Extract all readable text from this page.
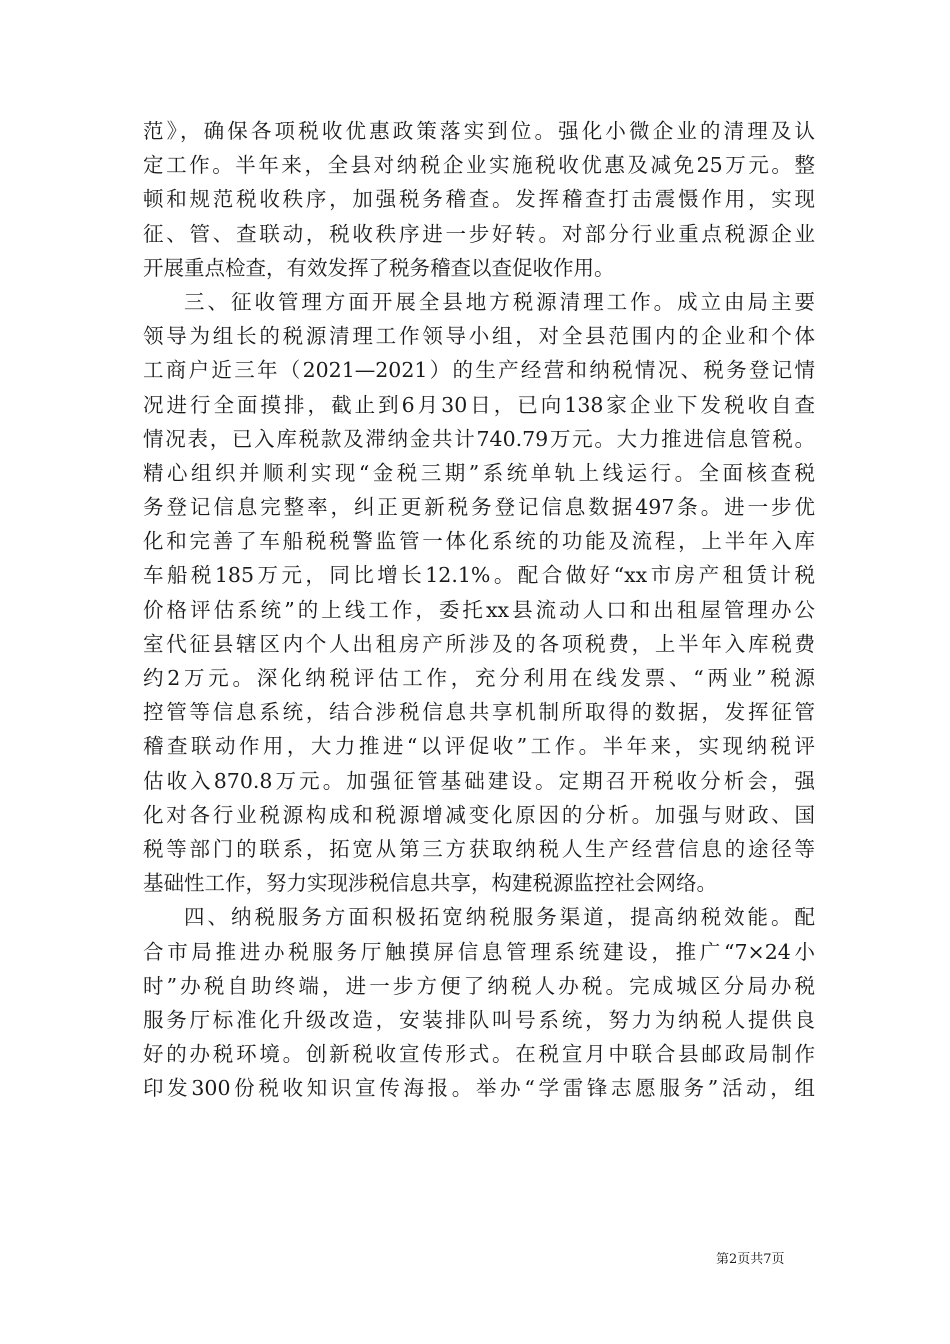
范》，确保各项税收优惠政策落实到位。强化小微企业的清理及认
定工作。半年来，全县对纳税企业实施税收优惠及减免25万元。整
顿和规范税收秩序，加强税务稽查。发挥稽查打击震慑作用，实现
征、管、查联动，税收秩序进一步好转。对部分行业重点税源企业
开展重点检查，有效发挥了税务稽查以查促收作用。
三、征收管理方面开展全县地方税源清理工作。成立由局主要
领导为组长的税源清理工作领导小组，对全县范围内的企业和个体
工商户近三年（2021—2021）的生产经营和纳税情况、税务登记情
况进行全面摸排，截止到6月30日，已向138家企业下发税收自查
情况表，已入库税款及滞纳金共计740.79万元。大力推进信息管税。
精心组织并顺利实现“金税三期”系统单轨上线运行。全面核查税
务登记信息完整率，纠正更新税务登记信息数据497条。进一步优
化和完善了车船税税警监管一体化系统的功能及流程，上半年入库
车船税185万元，同比增长12.1%。配合做好“xx市房产租赁计税
价格评估系统”的上线工作，委托xx县流动人口和出租屋管理办公
室代征县辖区内个人出租房产所涉及的各项税费，上半年入库税费
约2万元。深化纳税评估工作，充分利用在线发票、“两业”税源
控管等信息系统，结合涉税信息共享机制所取得的数据，发挥征管
稽查联动作用，大力推进“以评促收”工作。半年来，实现纳税评
估收入870.8万元。加强征管基础建设。定期召开税收分析会，强
化对各行业税源构成和税源增减变化原因的分析。加强与财政、国
税等部门的联系，拓宽从第三方获取纳税人生产经营信息的途径等
基础性工作，努力实现涉税信息共享，构建税源监控社会网络。
四、纳税服务方面积极拓宽纳税服务渠道，提高纳税效能。配
合市局推进办税服务厅触摸屏信息管理系统建设，推广“7×24小
时”办税自助终端，进一步方便了纳税人办税。完成城区分局办税
服务厅标准化升级改造，安装排队叫号系统，努力为纳税人提供良
好的办税环境。创新税收宣传形式。在税宣月中联合县邮政局制作
印发300份税收知识宣传海报。举办“学雷锋志愿服务”活动，组
第2页共7页
